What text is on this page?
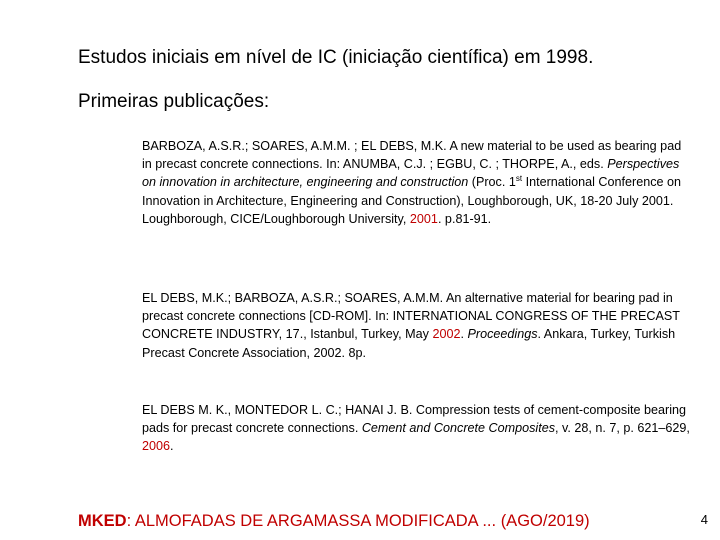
Estudos iniciais em nível de IC (iniciação científica) em 1998.
Primeiras publicações:
BARBOZA, A.S.R.; SOARES, A.M.M. ; EL DEBS, M.K. A new material to be used as bearing pad in precast concrete connections. In: ANUMBA, C.J. ; EGBU, C. ; THORPE, A., eds. Perspectives on innovation in architecture, engineering and construction (Proc. 1st International Conference on Innovation in Architecture, Engineering and Construction), Loughborough, UK, 18-20 July 2001. Loughborough, CICE/Loughborough University, 2001. p.81-91.
EL DEBS, M.K.; BARBOZA, A.S.R.; SOARES, A.M.M. An alternative material for bearing pad in precast concrete connections [CD-ROM]. In: INTERNATIONAL CONGRESS OF THE PRECAST CONCRETE INDUSTRY, 17., Istanbul, Turkey, May 2002. Proceedings. Ankara, Turkey, Turkish Precast Concrete Association, 2002. 8p.
EL DEBS M. K., MONTEDOR L. C.; HANAI J. B. Compression tests of cement-composite bearing pads for precast concrete connections. Cement and Concrete Composites, v. 28, n. 7, p. 621–629, 2006.
MKED: ALMOFADAS DE ARGAMASSA MODIFICADA ... (AGO/2019)	4
